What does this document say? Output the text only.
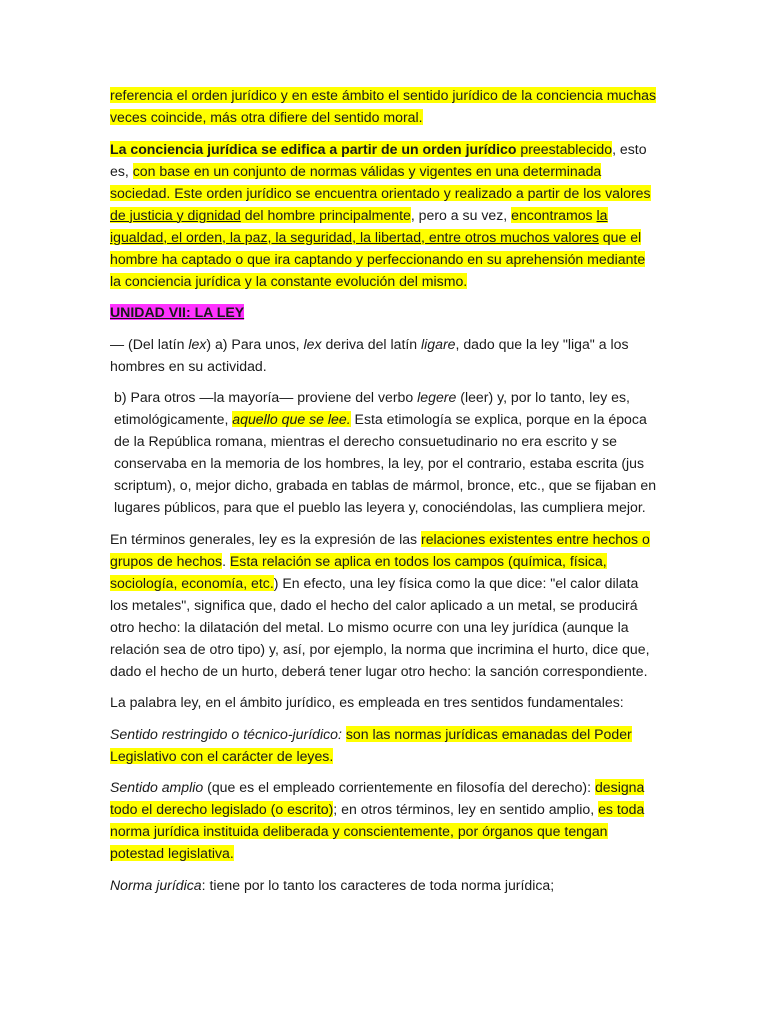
referencia el orden jurídico y en este ámbito el sentido jurídico de la conciencia muchas veces coincide, más otra difiere del sentido moral.

La conciencia jurídica se edifica a partir de un orden jurídico preestablecido, esto es, con base en un conjunto de normas válidas y vigentes en una determinada sociedad. Este orden jurídico se encuentra orientado y realizado a partir de los valores de justicia y dignidad del hombre principalmente, pero a su vez, encontramos la igualdad, el orden, la paz, la seguridad, la libertad, entre otros muchos valores que el hombre ha captado o que ira captando y perfeccionando en su aprehensión mediante la conciencia jurídica y la constante evolución del mismo.

UNIDAD VII: LA LEY

— (Del latín lex) a) Para unos, lex deriva del latín ligare, dado que la ley "liga" a los hombres en su actividad.

b) Para otros —la mayoría— proviene del verbo legere (leer) y, por lo tanto, ley es, etimológicamente, aquello que se lee. Esta etimología se explica, porque en la época de la República romana, mientras el derecho consuetudinario no era escrito y se conservaba en la memoria de los hombres, la ley, por el contrario, estaba escrita (jus scriptum), o, mejor dicho, grabada en tablas de mármol, bronce, etc., que se fijaban en lugares públicos, para que el pueblo las leyera y, conociéndolas, las cumpliera mejor.

En términos generales, ley es la expresión de las relaciones existentes entre hechos o grupos de hechos. Esta relación se aplica en todos los campos (química, física, sociología, economía, etc.) En efecto, una ley física como la que dice: "el calor dilata los metales", significa que, dado el hecho del calor aplicado a un metal, se producirá otro hecho: la dilatación del metal. Lo mismo ocurre con una ley jurídica (aunque la relación sea de otro tipo) y, así, por ejemplo, la norma que incrimina el hurto, dice que, dado el hecho de un hurto, deberá tener lugar otro hecho: la sanción correspondiente.

La palabra ley, en el ámbito jurídico, es empleada en tres sentidos fundamentales:

Sentido restringido o técnico-jurídico: son las normas jurídicas emanadas del Poder Legislativo con el carácter de leyes.

Sentido amplio (que es el empleado corrientemente en filosofía del derecho): designa todo el derecho legislado (o escrito); en otros términos, ley en sentido amplio, es toda norma jurídica instituida deliberada y conscientemente, por órganos que tengan potestad legislativa.

Norma jurídica: tiene por lo tanto los caracteres de toda norma jurídica;
